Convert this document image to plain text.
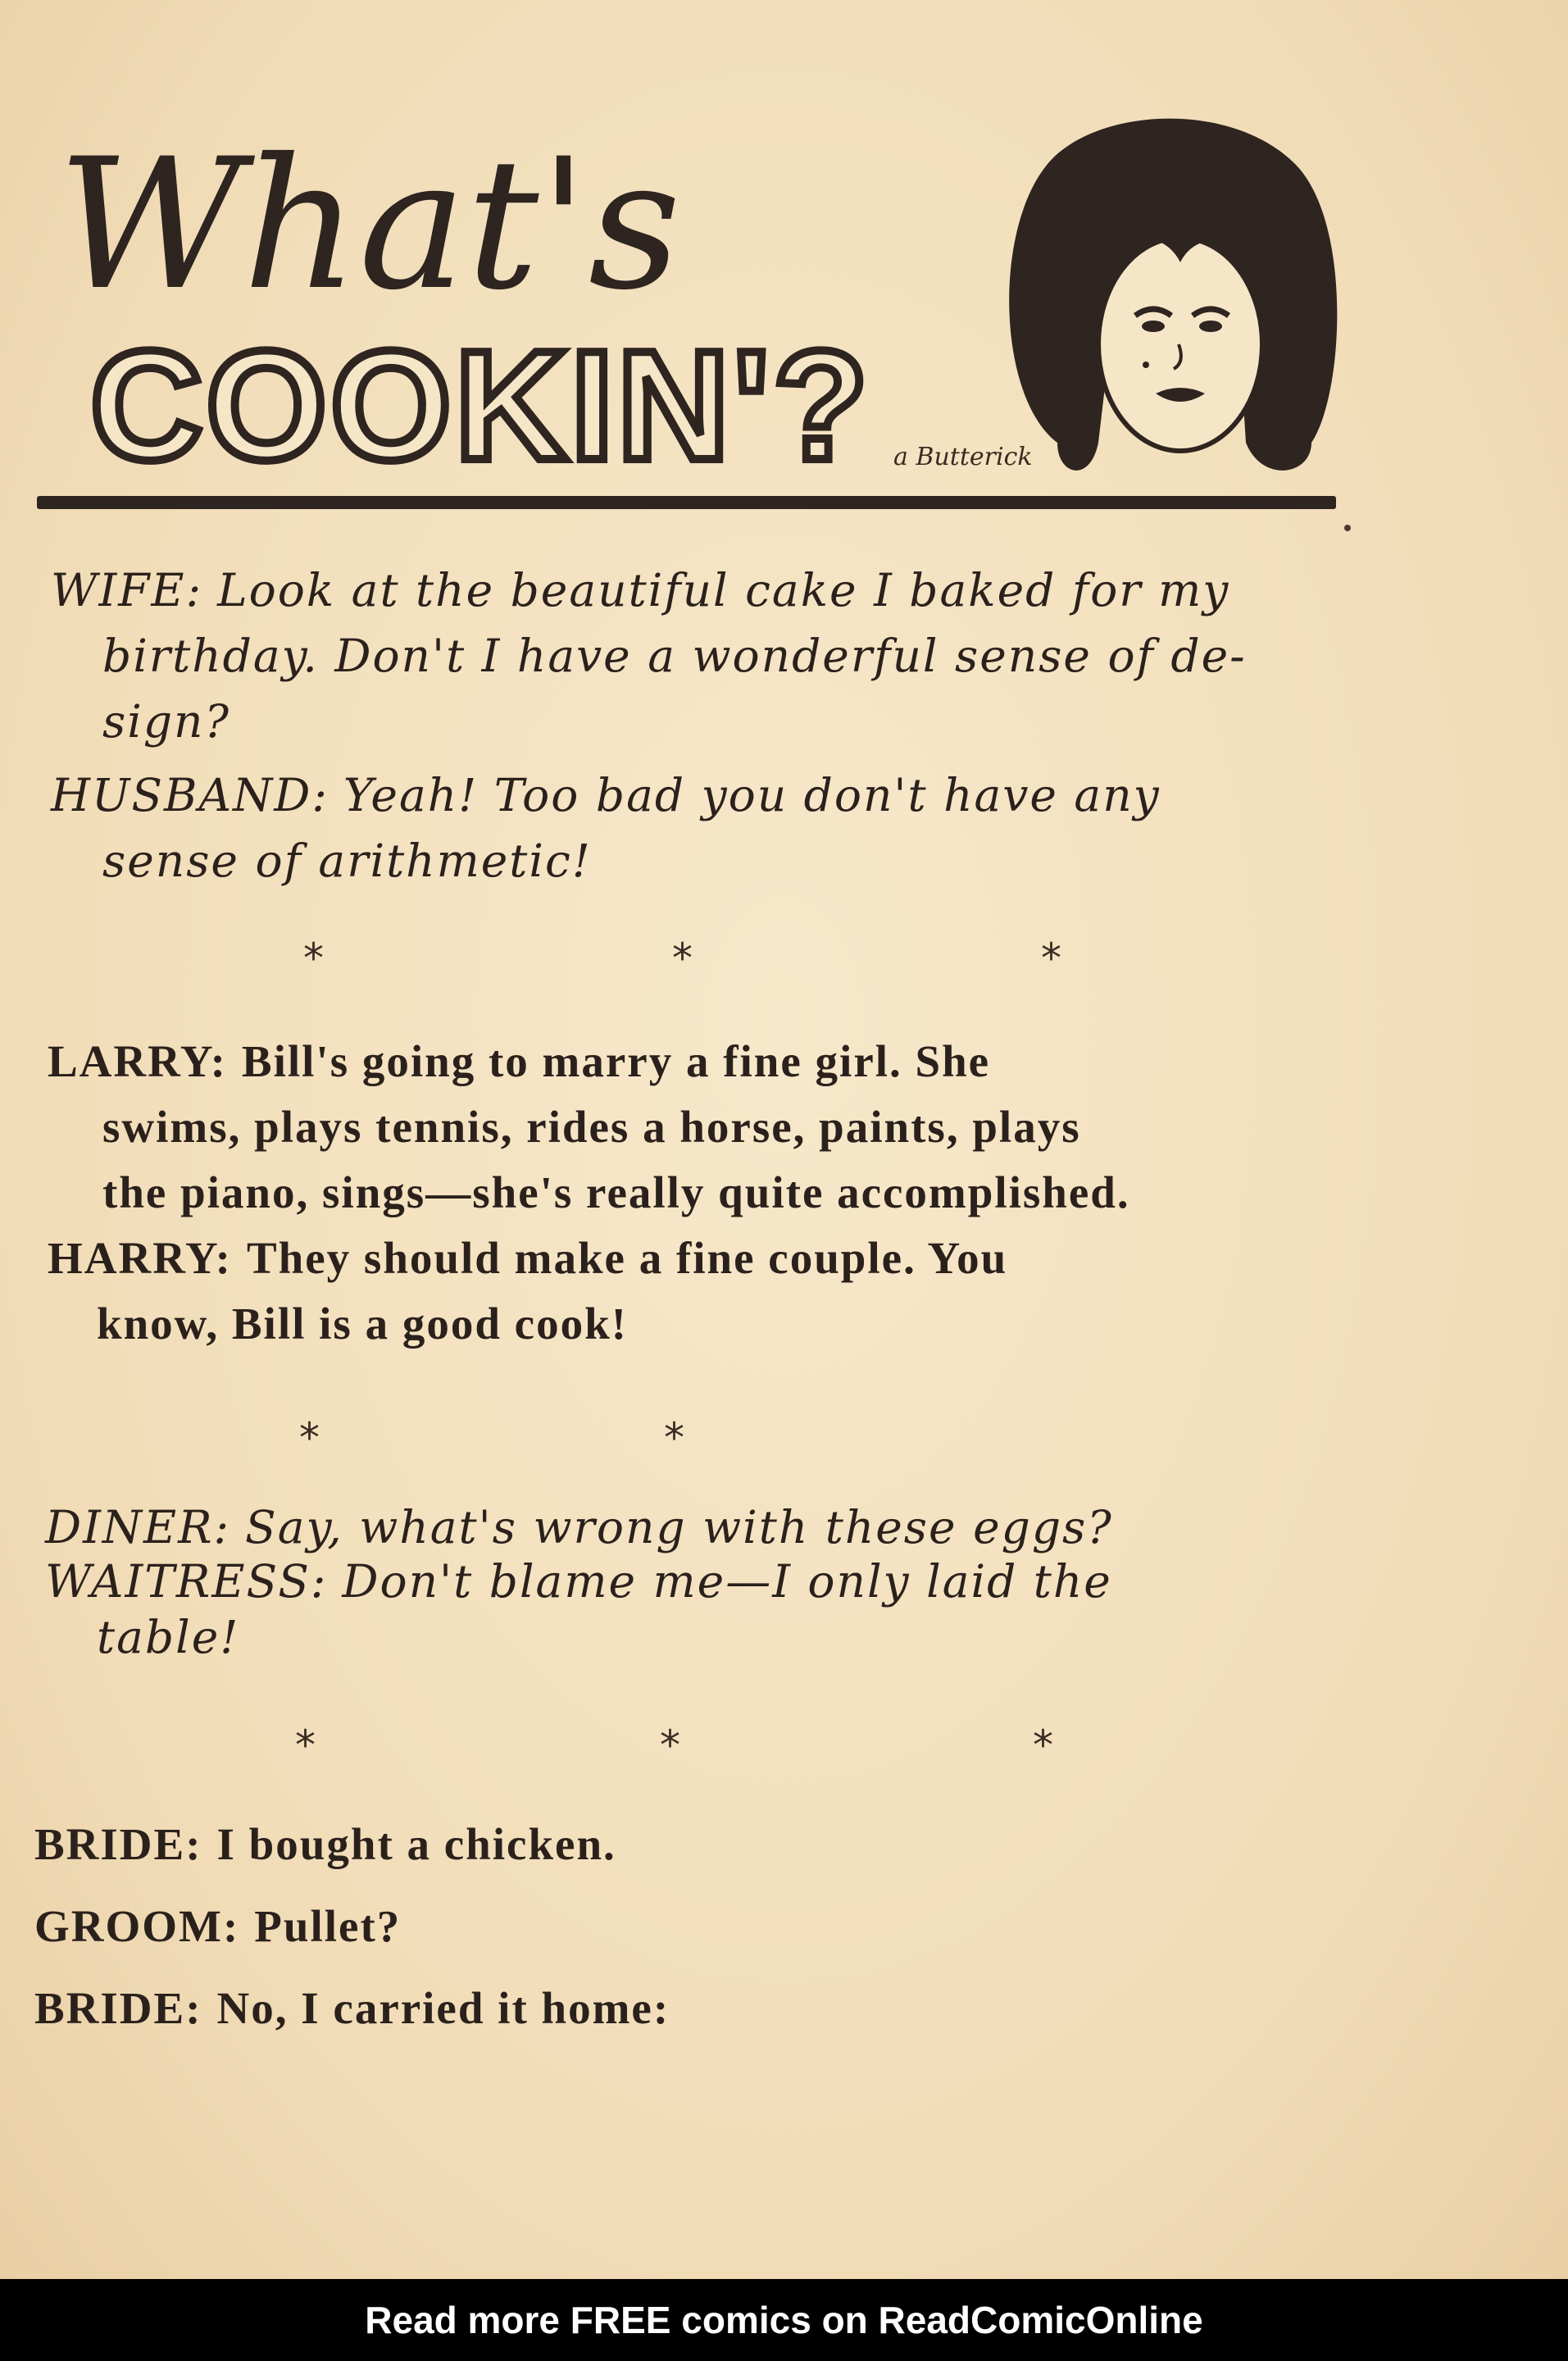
What's
COOKIN'? a Butterick
WIFE: Look at the beautiful cake I baked for my
birthday. Don't I have a wonderful sense of de-
sign?
HUSBAND: Yeah! Too bad you don't have any
sense of arithmetic!
*	*	*
LARRY: Bill's going to marry a fine girl. She
swims, plays tennis, rides a horse, paints, plays
the piano, sings—she's really quite accomplished.
HARRY: They should make a fine couple. You
know, Bill is a good cook!
*	*
DINER: Say, what's wrong with these eggs?
WAITRESS: Don't blame me—I only laid the
table!
*	*	*
BRIDE: I bought a chicken.
GROOM: Pullet?
BRIDE: No, I carried it home:
Read more FREE comics on ReadComicOnline
